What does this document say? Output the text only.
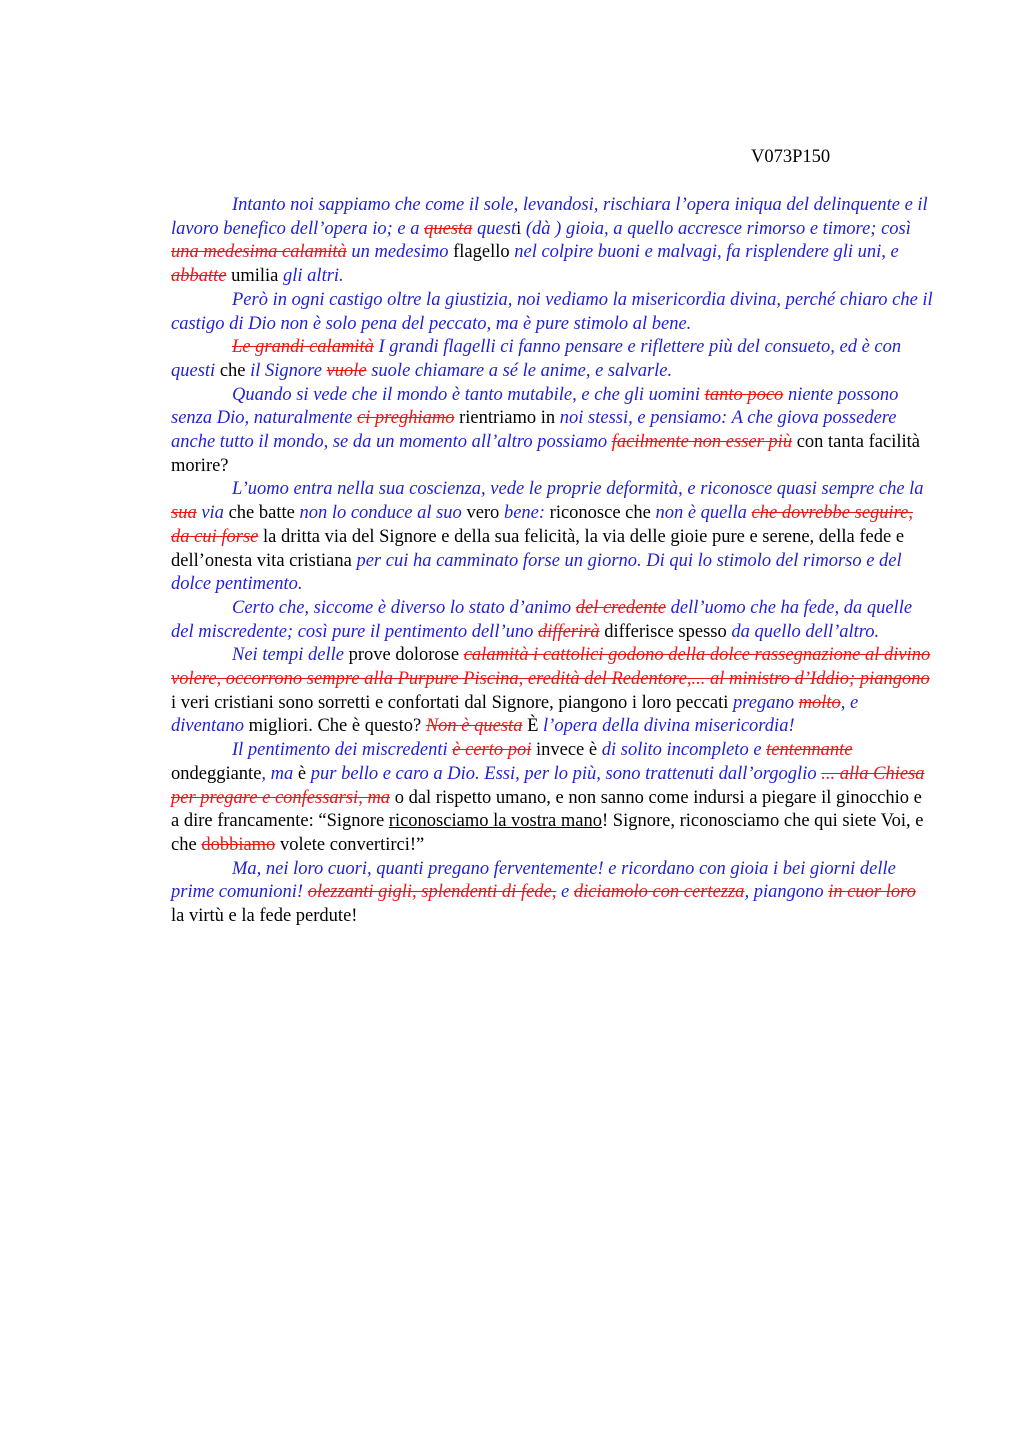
V073P150

Intanto noi sappiamo che come il sole, levandosi, rischiara l’opera iniqua del delinquente e il lavoro benefico dell’opera io; e a questa questi (dà ) gioia, a quello accresce rimorso e timore; così una medesima calamità un medesimo flagello nel colpire buoni e malvagi, fa risplendere gli uni, e abbatte umilia gli altri.

Però in ogni castigo oltre la giustizia, noi vediamo la misericordia divina, perché chiaro che il castigo di Dio non è solo pena del peccato, ma è pure stimolo al bene.

Le grandi calamità I grandi flagelli ci fanno pensare e riflettere più del consueto, ed è con questi che il Signore vuole suole chiamare a sé le anime, e salvarle.

Quando si vede che il mondo è tanto mutabile, e che gli uomini tanto poco niente possono senza Dio, naturalmente ci preghiamo rientriamo in noi stessi, e pensiamo: A che giova possedere anche tutto il mondo, se da un momento all’altro possiamo facilmente non esser più con tanta facilità morire?

L’uomo entra nella sua coscienza, vede le proprie deformità, e riconosce quasi sempre che la sua via che batte non lo conduce al suo vero bene: riconosce che non è quella che dovrebbe seguire, da cui forse la dritta via del Signore e della sua felicità, la via delle gioie pure e serene, della fede e dell’onesta vita cristiana per cui ha camminato forse un giorno. Di qui lo stimolo del rimorso e del dolce pentimento.

Certo che, siccome è diverso lo stato d’animo del credente dell’uomo che ha fede, da quelle del miscredente; così pure il pentimento dell’uno differirà differisce spesso da quello dell’altro.

Nei tempi delle prove dolorose calamità i cattolici godono della dolce rassegnazione al divino volere, occorrono sempre alla Purpure Piscina, eredità del Redentore,... al ministro d’Iddio; piangono i veri cristiani sono sorretti e confortati dal Signore, piangono i loro peccati pregano molto, e diventano migliori. Che è questo? Non è questa È l’opera della divina misericordia!

Il pentimento dei miscredenti è certo poi invece è di solito incompleto e tentennante ondeggiante, ma è pur bello e caro a Dio. Essi, per lo più, sono trattenuti dall’orgoglio ... alla Chiesa per pregare e confessarsi, ma o dal rispetto umano, e non sanno come indursi a piegare il ginocchio e a dire francamente: “Signore riconosciamo la vostra mano! Signore, riconosciamo che qui siete Voi, e che dobbiamo volete convertirci!”

Ma, nei loro cuori, quanti pregano ferventemente! e ricordano con gioia i bei giorni delle prime comunioni! olezzanti gigli, splendenti di fede, e diciamolo con certezza, piangono in cuor loro la virtù e la fede perdute!
